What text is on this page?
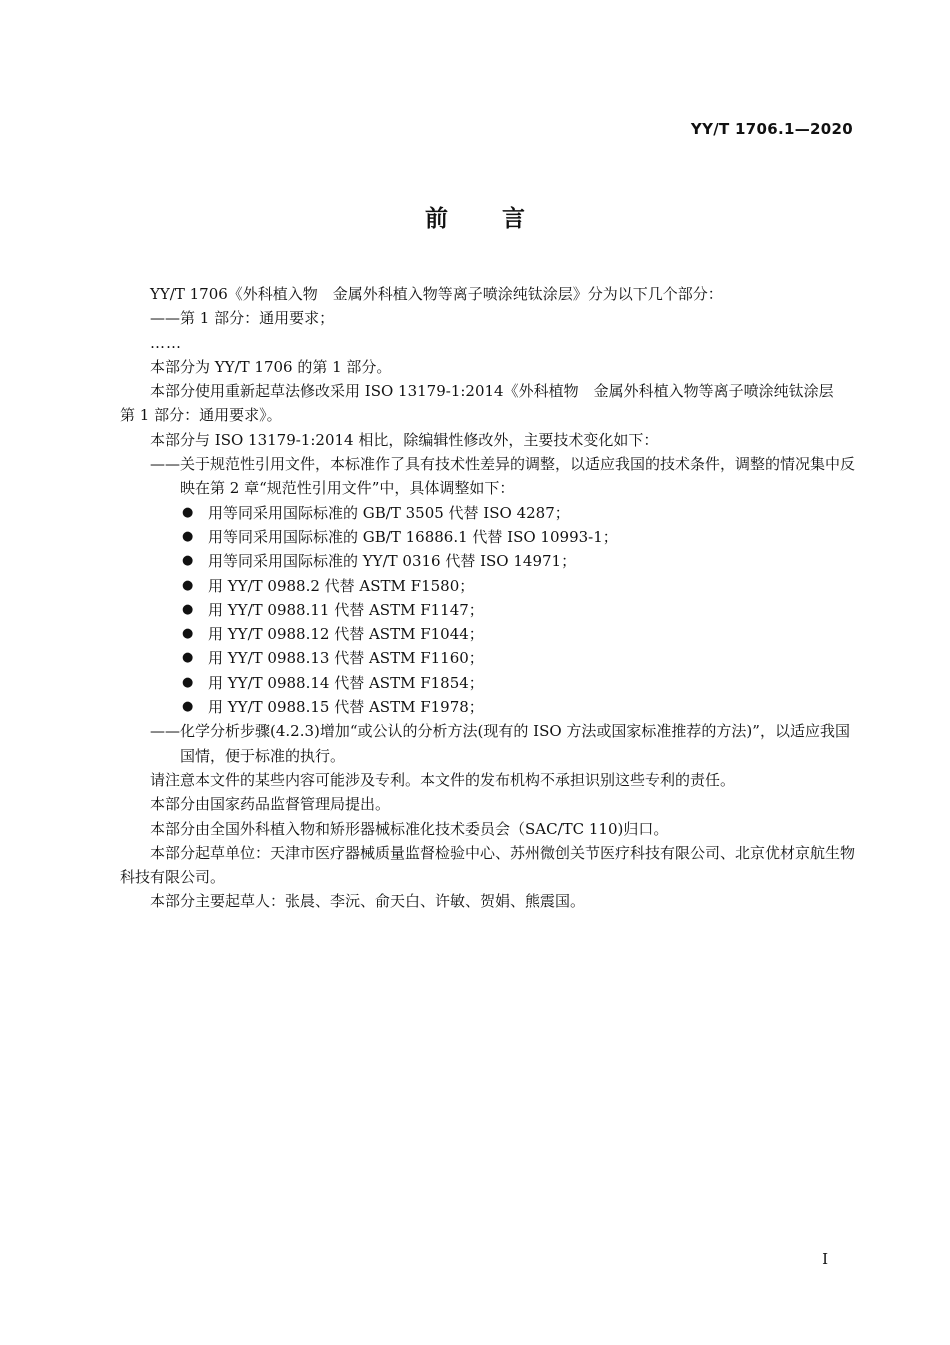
YY/T 1706.1—2020
前言

YY/T 1706《外科植入物　金属外科植入物等离子喷涂纯钛涂层》分为以下几个部分：

——第 1 部分：通用要求；

……

本部分为 YY/T 1706 的第 1 部分。

本部分使用重新起草法修改采用 ISO 13179-1:2014《外科植物　金属外科植入物等离子喷涂纯钛涂层　第 1 部分：通用要求》。

本部分与 ISO 13179-1:2014 相比，除编辑性修改外，主要技术变化如下：

——关于规范性引用文件，本标准作了具有技术性差异的调整，以适应我国的技术条件，调整的情况集中反映在第 2 章“规范性引用文件”中，具体调整如下：

● 用等同采用国际标准的 GB/T 3505 代替 ISO 4287；
● 用等同采用国际标准的 GB/T 16886.1 代替 ISO 10993-1；
● 用等同采用国际标准的 YY/T 0316 代替 ISO 14971；
● 用 YY/T 0988.2 代替 ASTM F1580；
● 用 YY/T 0988.11 代替 ASTM F1147；
● 用 YY/T 0988.12 代替 ASTM F1044；
● 用 YY/T 0988.13 代替 ASTM F1160；
● 用 YY/T 0988.14 代替 ASTM F1854；
● 用 YY/T 0988.15 代替 ASTM F1978；

——化学分析步骤(4.2.3)增加“或公认的分析方法(现有的 ISO 方法或国家标准推荐的方法)”，以适应我国国情，便于标准的执行。

请注意本文件的某些内容可能涉及专利。本文件的发布机构不承担识别这些专利的责任。

本部分由国家药品监督管理局提出。

本部分由全国外科植入物和矫形器械标准化技术委员会（SAC/TC 110)归口。

本部分起草单位：天津市医疗器械质量监督检验中心、苏州微创关节医疗科技有限公司、北京优材京航生物科技有限公司。

本部分主要起草人：张晨、李沅、俞天白、许敏、贺娟、熊震国。

I
